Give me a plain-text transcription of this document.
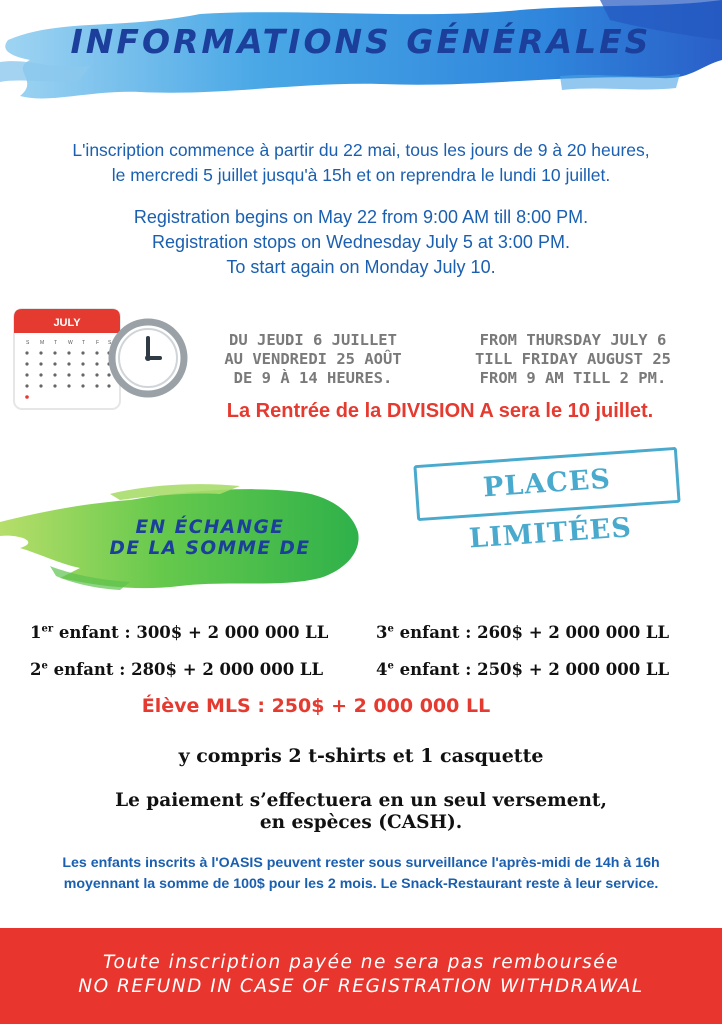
INFORMATIONS GÉNÉRALES
L'inscription commence à partir du 22 mai, tous les jours de 9 à 20 heures,
le mercredi 5 juillet jusqu'à 15h et on reprendra le lundi 10 juillet.
Registration begins on May 22 from 9:00 AM till 8:00 PM.
Registration stops on Wednesday July 5 at 3:00 PM.
To start again on Monday July 10.
JULY
S M T W T F S	DU JEUDI 6 JUILLET
AU VENDREDI 25 AOÛT
DE 9 À 14 HEURES.
FROM THURSDAY JULY 6
TILL FRIDAY AUGUST 25
FROM 9 AM TILL 2 PM.
La Rentrée de la DIVISION A sera le 10 juillet.
PLACES LIMITÉES
EN ÉCHANGE
DE LA SOMME DE
1er enfant : 300$ + 2 000 000 LL
2e enfant : 280$ + 2 000 000 LL
3e enfant : 260$ + 2 000 000 LL
4e enfant : 250$ + 2 000 000 LL
Élève MLS : 250$ + 2 000 000 LL
y compris 2 t-shirts et 1 casquette
Le paiement s’effectuera en un seul versement,
en espèces (CASH).
Les enfants inscrits à l'OASIS peuvent rester sous surveillance l'après-midi de 14h à 16h
moyennant la somme de 100$ pour les 2 mois. Le Snack-Restaurant reste à leur service.
Toute inscription payée ne sera pas remboursée
NO REFUND IN CASE OF REGISTRATION WITHDRAWAL
